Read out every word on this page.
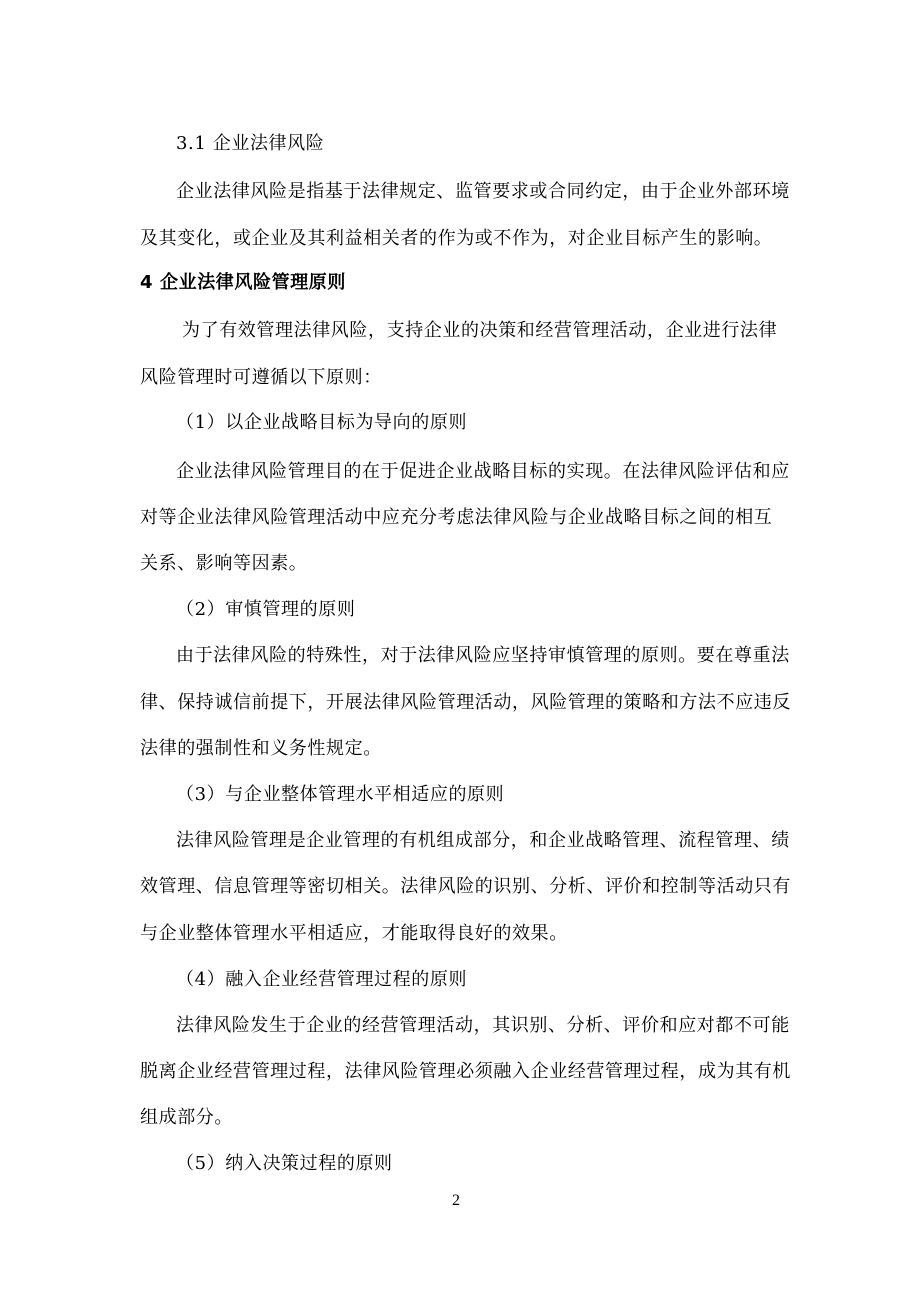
3.1 企业法律风险
企业法律风险是指基于法律规定、监管要求或合同约定，由于企业外部环境
及其变化，或企业及其利益相关者的作为或不作为，对企业目标产生的影响。
4 企业法律风险管理原则
为了有效管理法律风险，支持企业的决策和经营管理活动，企业进行法律
风险管理时可遵循以下原则：
（1）以企业战略目标为导向的原则
企业法律风险管理目的在于促进企业战略目标的实现。在法律风险评估和应
对等企业法律风险管理活动中应充分考虑法律风险与企业战略目标之间的相互
关系、影响等因素。
（2）审慎管理的原则
由于法律风险的特殊性，对于法律风险应坚持审慎管理的原则。要在尊重法
律、保持诚信前提下，开展法律风险管理活动，风险管理的策略和方法不应违反
法律的强制性和义务性规定。
（3）与企业整体管理水平相适应的原则
法律风险管理是企业管理的有机组成部分，和企业战略管理、流程管理、绩
效管理、信息管理等密切相关。法律风险的识别、分析、评价和控制等活动只有
与企业整体管理水平相适应，才能取得良好的效果。
（4）融入企业经营管理过程的原则
法律风险发生于企业的经营管理活动，其识别、分析、评价和应对都不可能
脱离企业经营管理过程，法律风险管理必须融入企业经营管理过程，成为其有机
组成部分。
（5）纳入决策过程的原则
2
